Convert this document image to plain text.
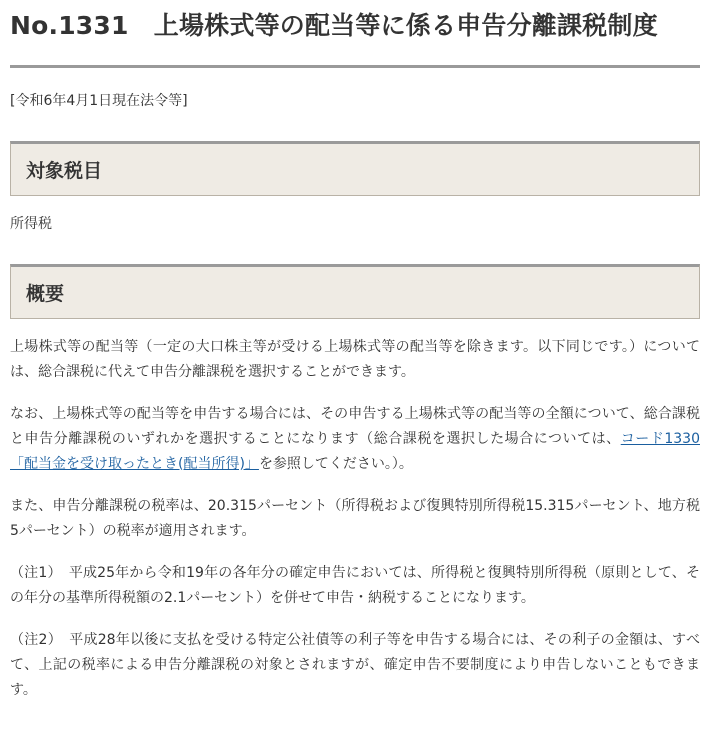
No.1331　上場株式等の配当等に係る申告分離課税制度

[令和6年4月1日現在法令等]

対象税目

所得税

概要

上場株式等の配当等（一定の大口株主等が受ける上場株式等の配当等を除きます。以下同じです。）については、総合課税に代えて申告分離課税を選択することができます。

なお、上場株式等の配当等を申告する場合には、その申告する上場株式等の配当等の全額について、総合課税と申告分離課税のいずれかを選択することになります（総合課税を選択した場合については、コード1330「配当金を受け取ったとき(配当所得)」を参照してください。）。

また、申告分離課税の税率は、20.315パーセント（所得税および復興特別所得税15.315パーセント、地方税5パーセント）の税率が適用されます。

（注1）　平成25年から令和19年の各年分の確定申告においては、所得税と復興特別所得税（原則として、その年分の基準所得税額の2.1パーセント）を併せて申告・納税することになります。

（注2）　平成28年以後に支払を受ける特定公社債等の利子等を申告する場合には、その利子の金額は、すべて、上記の税率による申告分離課税の対象とされますが、確定申告不要制度により申告しないこともできます。
